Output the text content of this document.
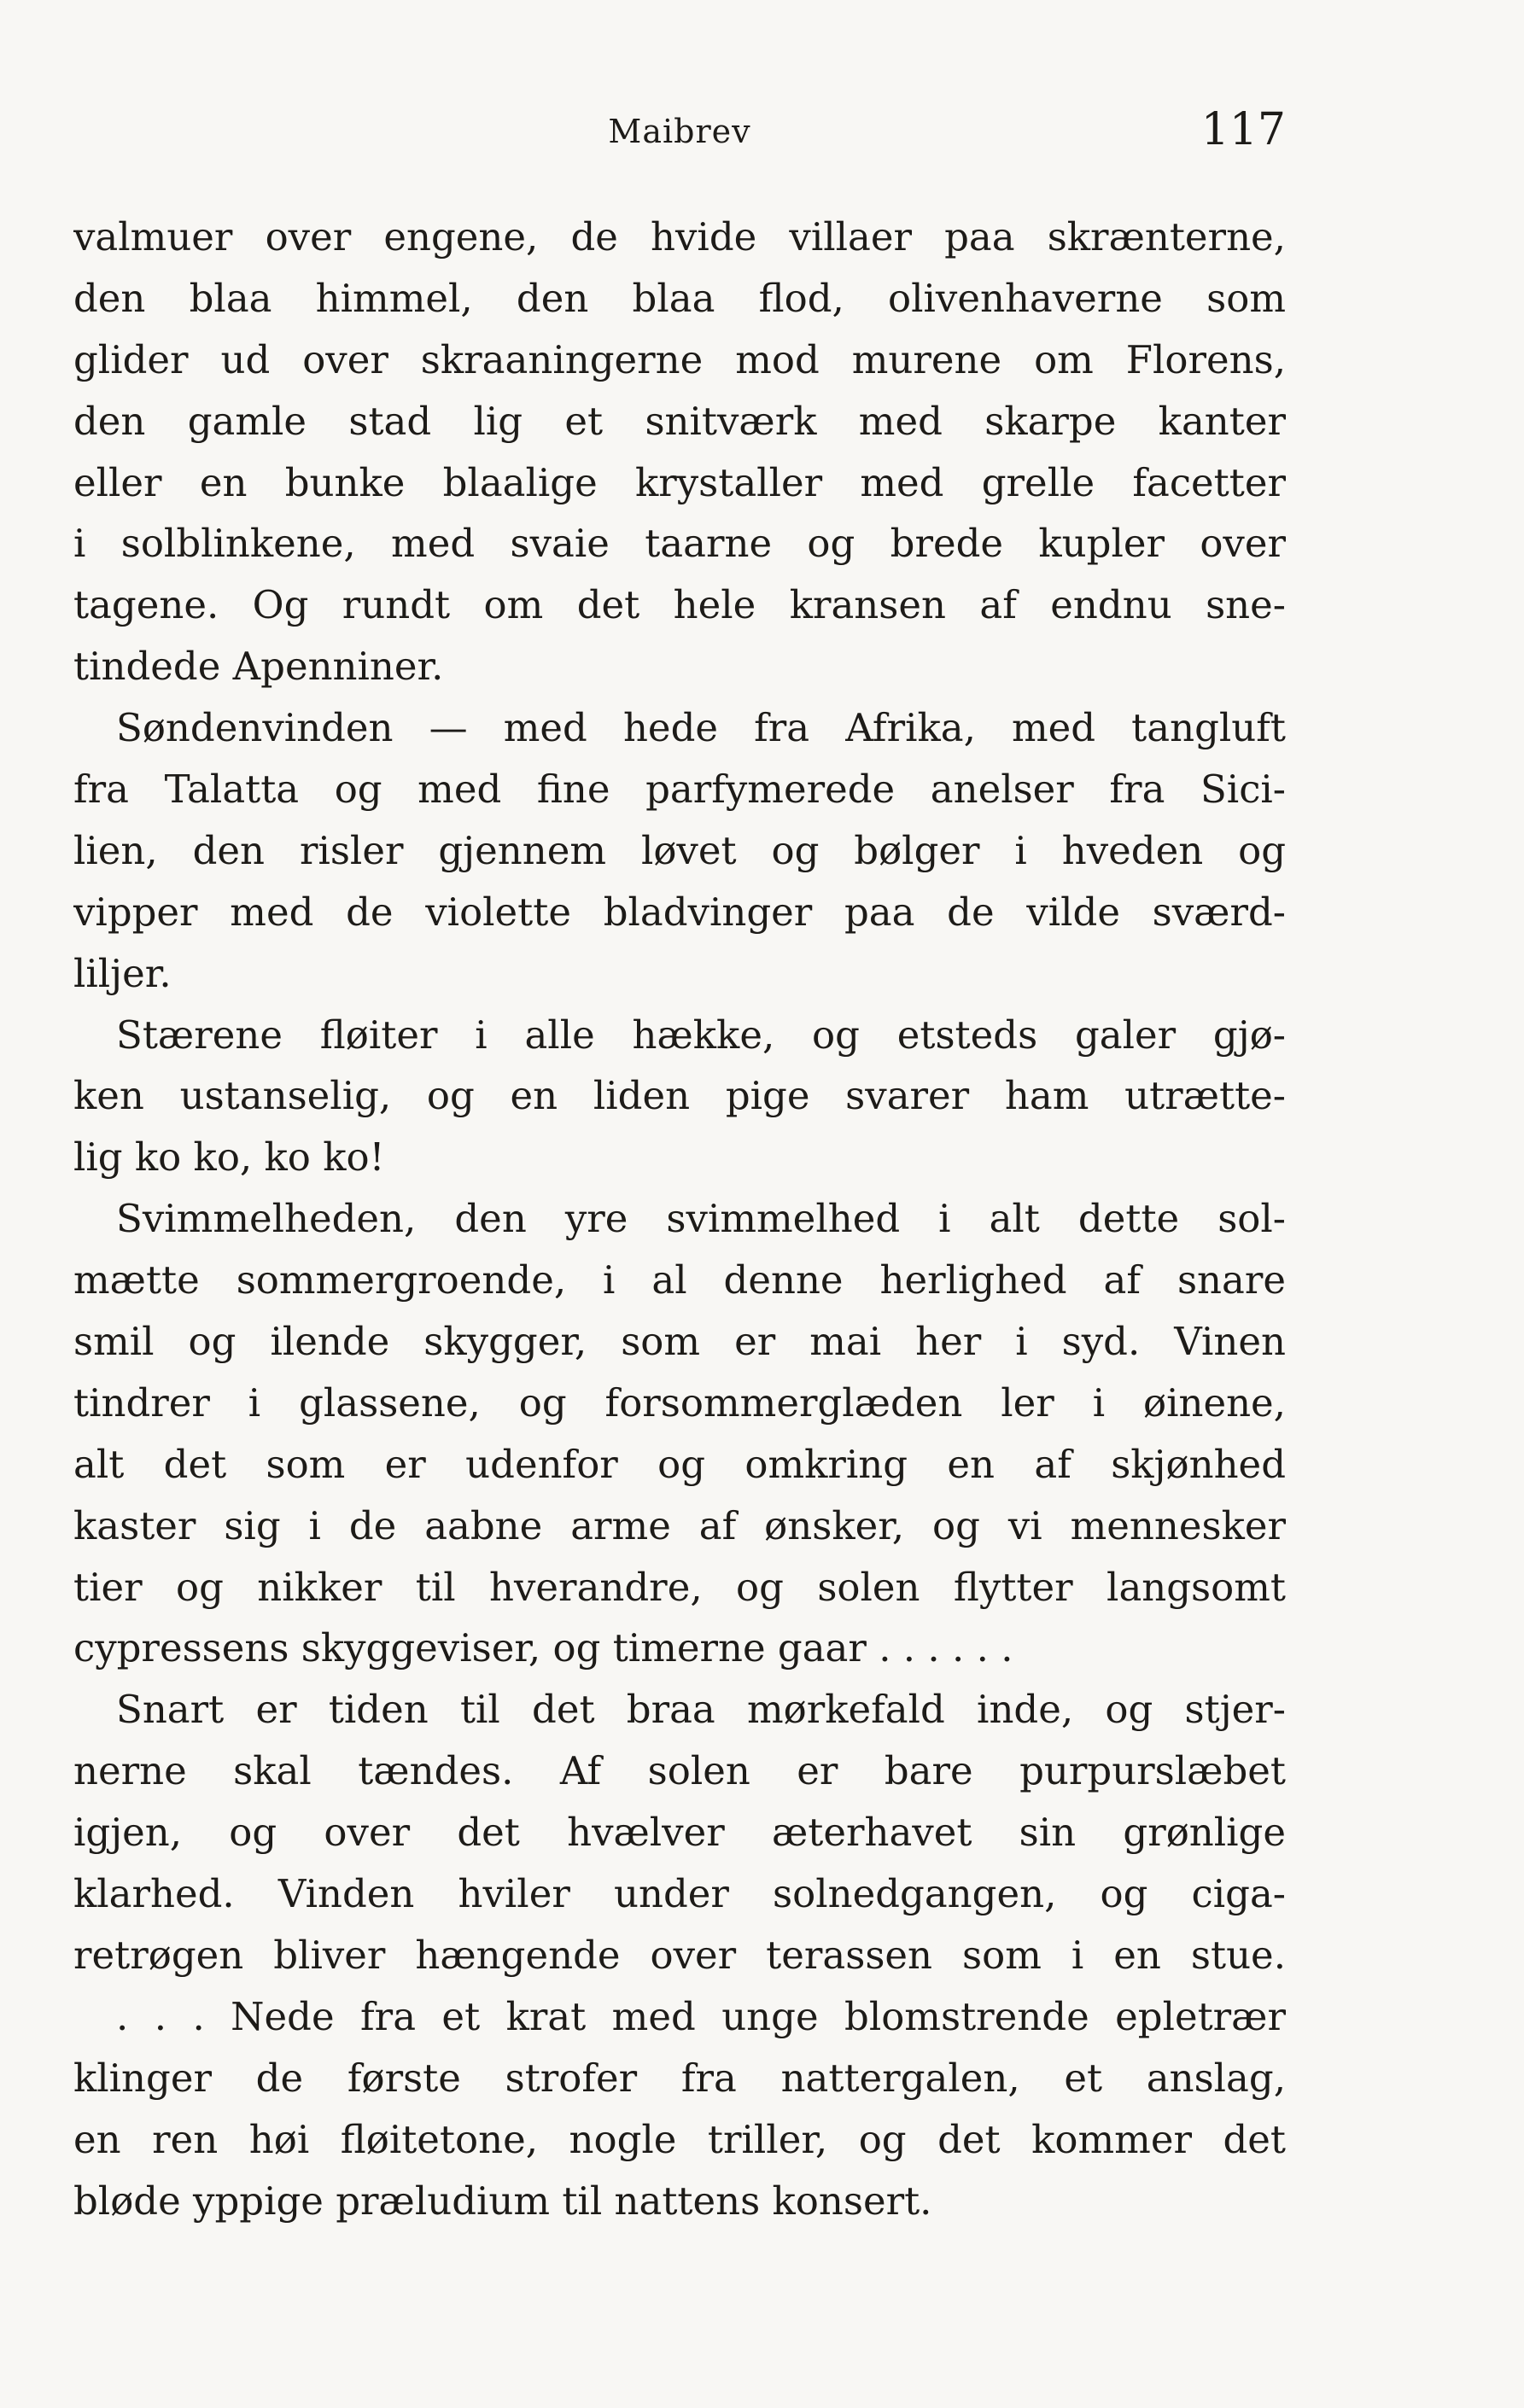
Maibrev	117
valmuer over engene, de hvide villaer paa skrænterne,
den blaa himmel, den blaa flod, olivenhaverne som
glider ud over skraaningerne mod murene om Florens,
den gamle stad lig et snitværk med skarpe kanter
eller en bunke blaalige krystaller med grelle facetter
i solblinkene, med svaie taarne og brede kupler over
tagene. Og rundt om det hele kransen af endnu sne-
tindede Apenniner.
Søndenvinden — med hede fra Afrika, med tangluft
fra Talatta og med fine parfymerede anelser fra Sici-
lien, den risler gjennem løvet og bølger i hveden og
vipper med de violette bladvinger paa de vilde sværd-
liljer.
Stærene fløiter i alle hække, og etsteds galer gjø-
ken ustanselig, og en liden pige svarer ham utrætte-
lig ko ko, ko ko!
Svimmelheden, den yre svimmelhed i alt dette sol-
mætte sommergroende, i al denne herlighed af snare
smil og ilende skygger, som er mai her i syd. Vinen
tindrer i glassene, og forsommerglæden ler i øinene,
alt det som er udenfor og omkring en af skjønhed
kaster sig i de aabne arme af ønsker, og vi mennesker
tier og nikker til hverandre, og solen flytter langsomt
cypressens skyggeviser, og timerne gaar . . . . . .
Snart er tiden til det braa mørkefald inde, og stjer-
nerne skal tændes. Af solen er bare purpurslæbet
igjen, og over det hvælver æterhavet sin grønlige
klarhed. Vinden hviler under solnedgangen, og ciga-
retrøgen bliver hængende over terassen som i en stue.
. . . Nede fra et krat med unge blomstrende epletrær
klinger de første strofer fra nattergalen, et anslag,
en ren høi fløitetone, nogle triller, og det kommer det
bløde yppige præludium til nattens konsert.
